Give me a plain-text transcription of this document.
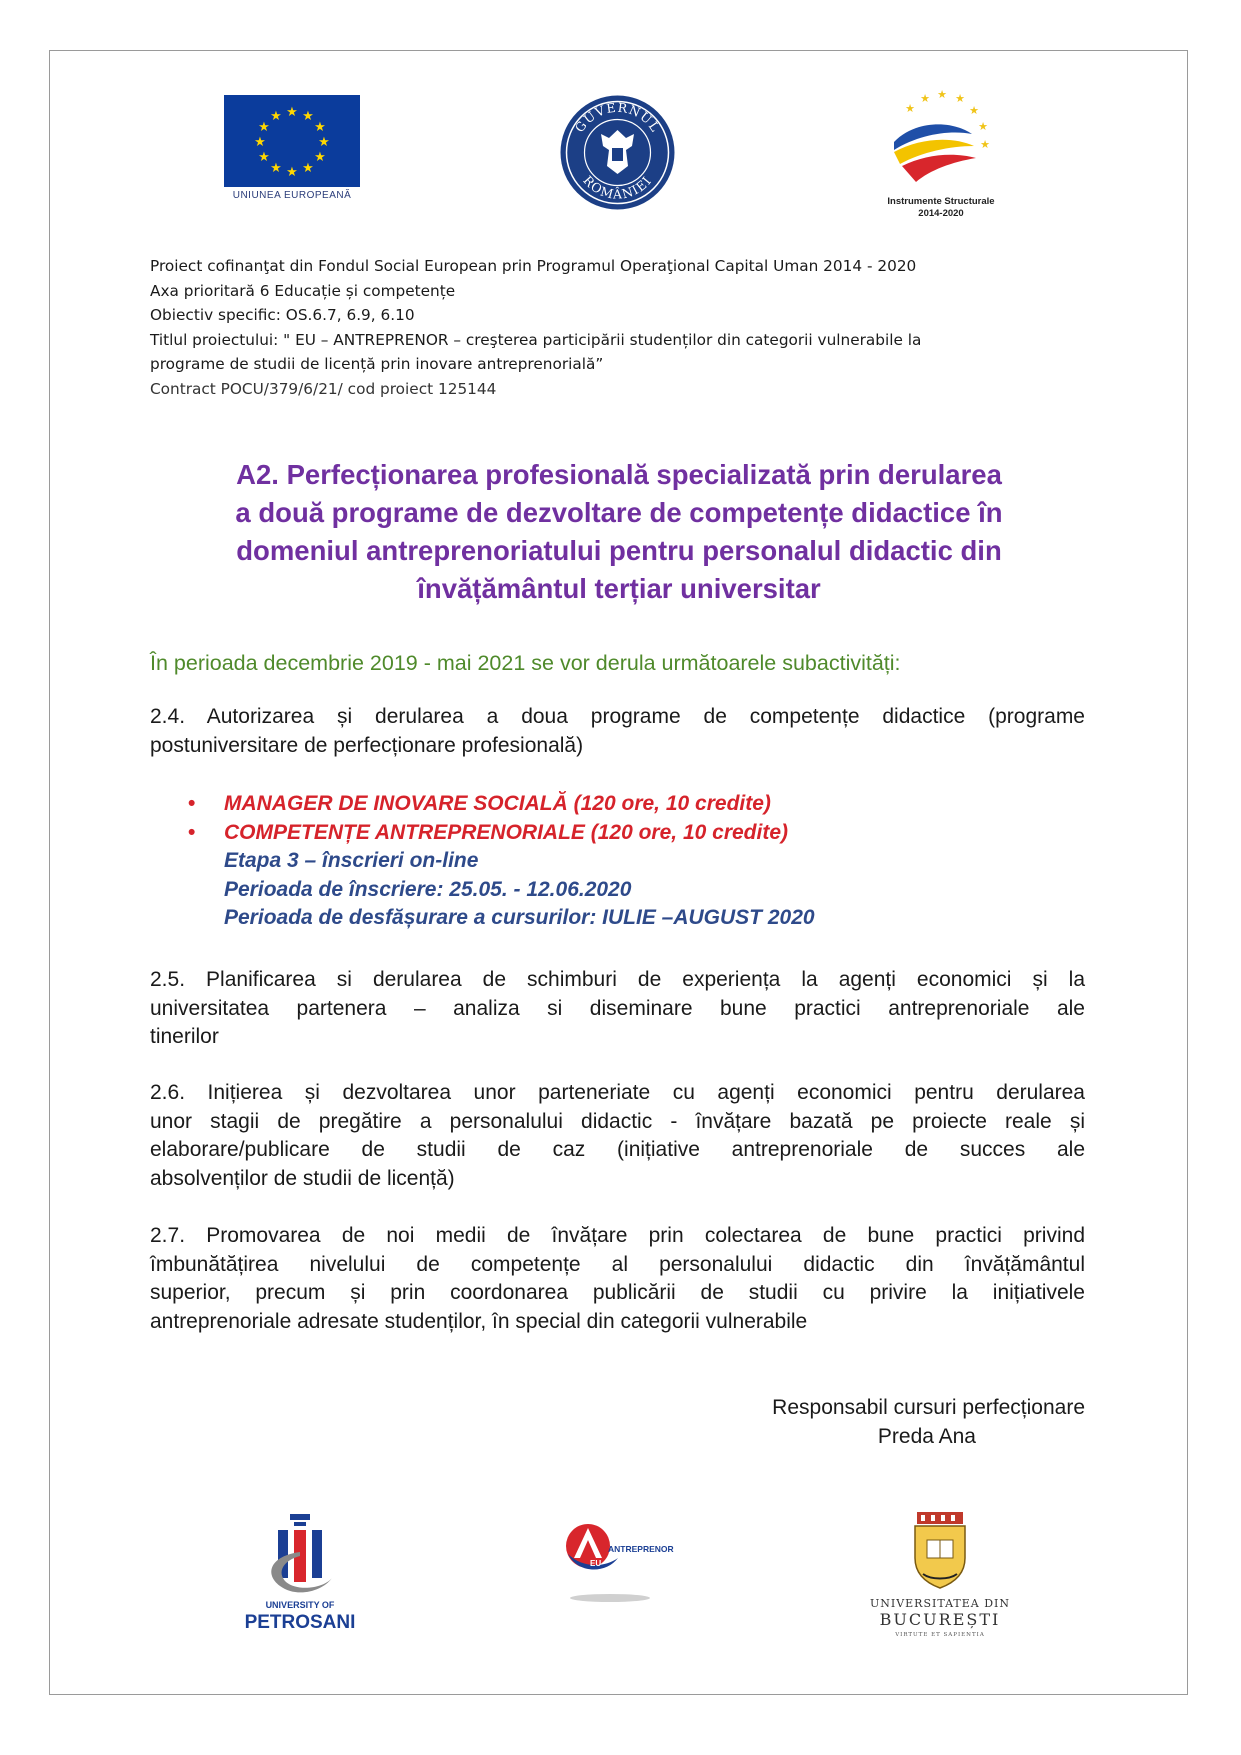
★ ★
★
★
★
★
★
★
★
★
★
★
UNIUNEA EUROPEANĂ
GUVERNUL
ROMÂNIEI
★
★ ★ ★
★
★
★
Instrumente Structurale
2014-2020
Proiect cofinanţat din Fondul Social European prin Programul Operaţional Capital Uman 2014 - 2020
Axa prioritară 6 Educație și competențe
Obiectiv specific: OS.6.7, 6.9, 6.10
Titlul proiectului: " EU – ANTREPRENOR – creşterea participării studenților din categorii vulnerabile la
programe de studii de licență prin inovare antreprenorială”
Contract POCU/379/6/21/ cod proiect 125144
A2. Perfecționarea profesională specializată prin derularea
a două programe de dezvoltare de competențe didactice în
domeniul antreprenoriatului pentru personalul didactic din
învățământul terțiar universitar
În perioada decembrie 2019 - mai 2021 se vor derula următoarele subactivități:
2.4. Autorizarea și derularea a doua programe de competențe didactice (programe
postuniversitare de perfecționare profesională)
• MANAGER DE INOVARE SOCIALĂ (120 ore, 10 credite)
• COMPETENȚE ANTREPRENORIALE (120 ore, 10 credite)
Etapa 3 – înscrieri on-line
Perioada de înscriere: 25.05. - 12.06.2020
Perioada de desfășurare a cursurilor: IULIE –AUGUST 2020
2.5. Planificarea si derularea de schimburi de experiența la agenți economici și la
universitatea partenera – analiza si diseminare bune practici antreprenoriale ale
tinerilor
2.6. Inițierea și dezvoltarea unor parteneriate cu agenți economici pentru derularea
unor stagii de pregătire a personalului didactic - învățare bazată pe proiecte reale și
elaborare/publicare de studii de caz (inițiative antreprenoriale de succes ale
absolvenților de studii de licență)
2.7. Promovarea de noi medii de învățare prin colectarea de bune practici privind
îmbunătățirea nivelului de competențe al personalului didactic din învățământul
superior, precum și prin coordonarea publicării de studii cu privire la inițiativele
antreprenoriale adresate studenților, în special din categorii vulnerabile
Responsabil cursuri perfecționare
Preda Ana
UNIVERSITY OF
PETROSANI
EU
ANTREPRENOR
UNIVERSITATEA DIN
BUCUREȘTI
VIRTUTE ET SAPIENTIA
